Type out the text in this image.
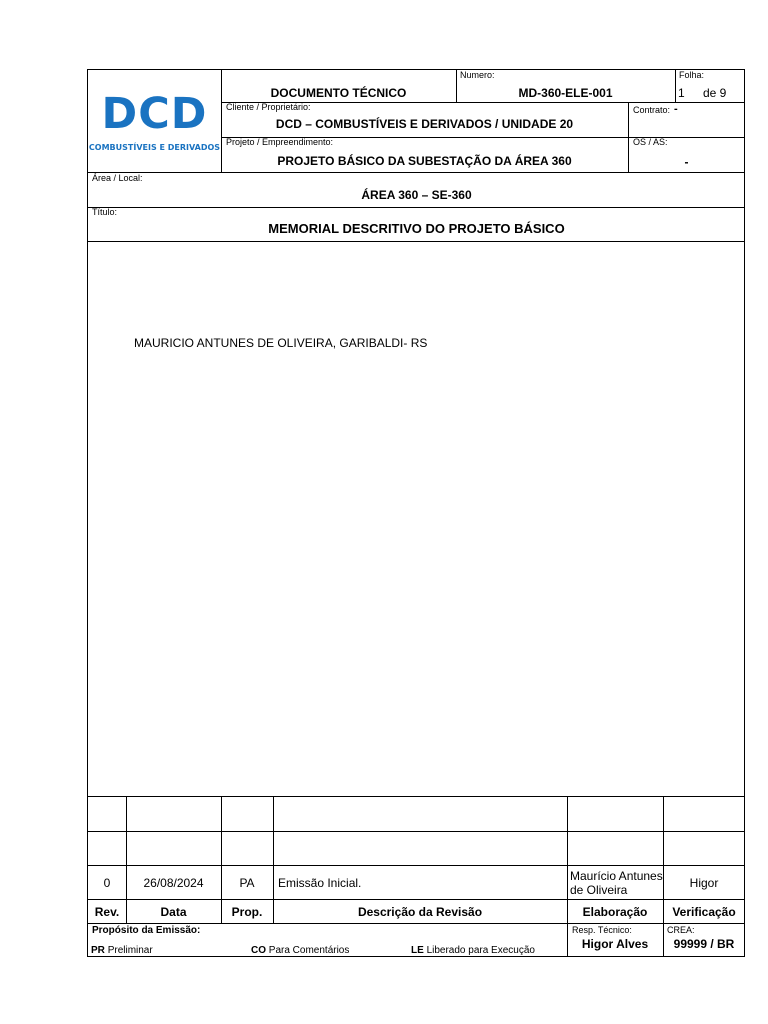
DCD
COMBUSTÍVEIS E DERIVADOS
DOCUMENTO TÉCNICO
Numero:
MD-360-ELE-001
Folha:
1 de 9
Cliente / Proprietário:
DCD – COMBUSTÍVEIS E DERIVADOS / UNIDADE 20
Contrato: -
Projeto / Empreendimento:
PROJETO BÁSICO DA SUBESTAÇÃO DA ÁREA 360
OS / AS:
-
Área / Local:
ÁREA 360 – SE-360
Título:
MEMORIAL DESCRITIVO DO PROJETO BÁSICO
MAURICIO ANTUNES DE OLIVEIRA, GARIBALDI- RS
0	26/08/2024	PA	Emissão Inicial.	Maurício Antunes de Oliveira	Higor
Rev.	Data	Prop.	Descrição da Revisão	Elaboração	Verificação
Propósito da Emissão:
PR Preliminar	CO Para Comentários	LE Liberado para Execução
Resp. Técnico:
Higor Alves
CREA:
99999 / BR
